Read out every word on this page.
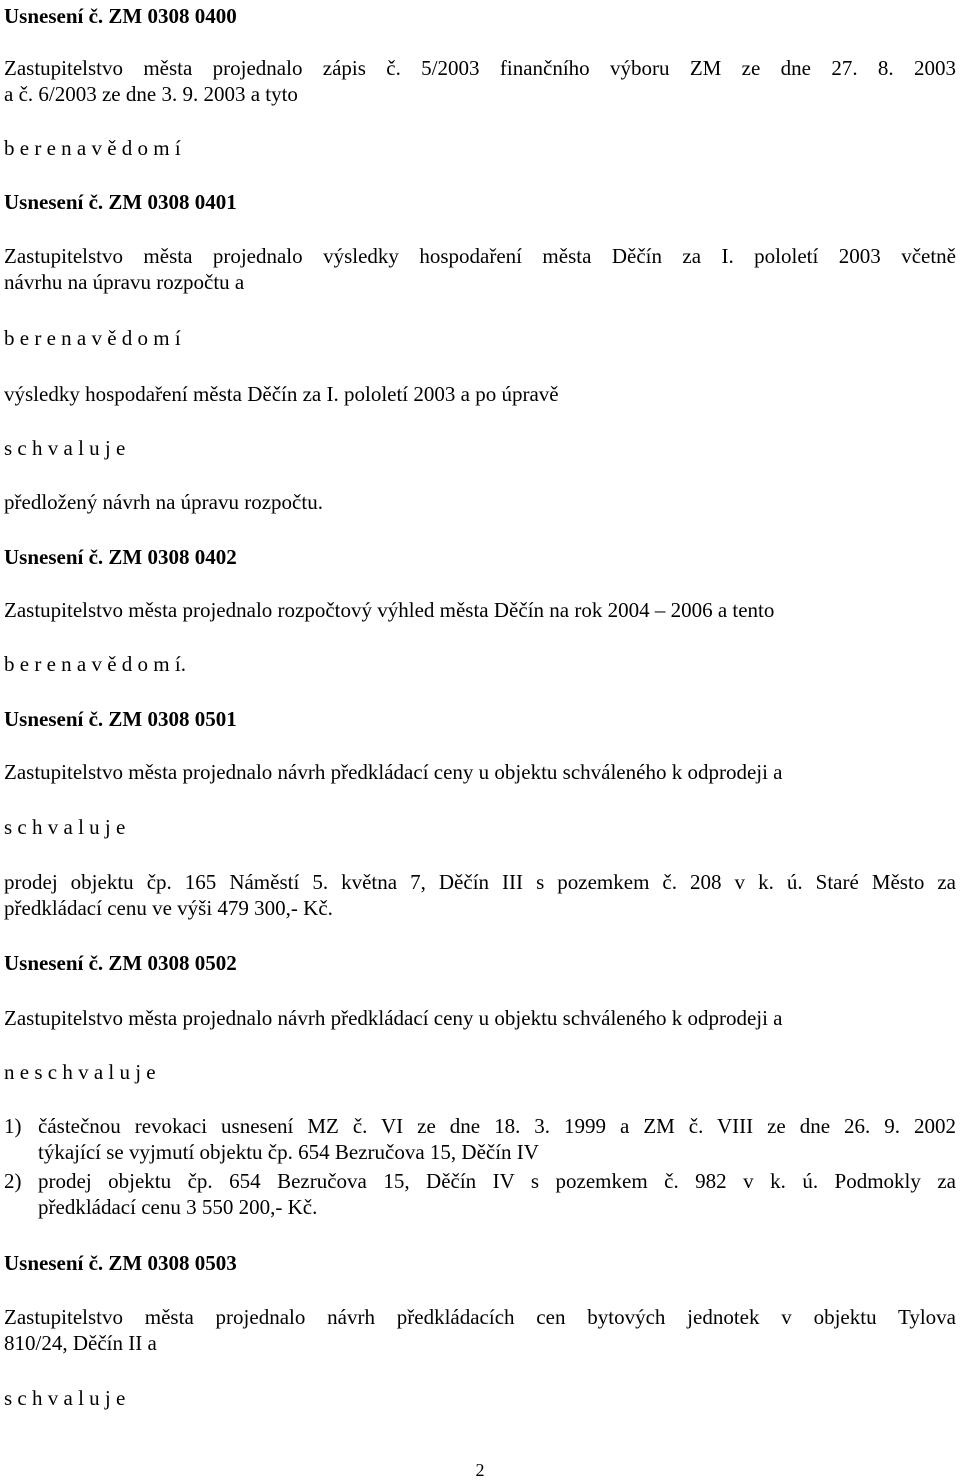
Usnesení č. ZM 0308 0400
Zastupitelstvo města projednalo zápis č. 5/2003 finančního výboru ZM ze dne 27. 8. 2003
a č. 6/2003 ze dne 3. 9. 2003 a tyto
b e r e n a v ě d o m í
Usnesení č. ZM 0308 0401
Zastupitelstvo města projednalo výsledky hospodaření města Děčín za I. pololetí 2003 včetně
návrhu na úpravu rozpočtu a
b e r e n a v ě d o m í
výsledky hospodaření města Děčín za I. pololetí 2003 a po úpravě
s c h v a l u j e
předložený návrh na úpravu rozpočtu.
Usnesení č. ZM 0308 0402
Zastupitelstvo města projednalo rozpočtový výhled města Děčín na rok 2004 – 2006 a tento
b e r e n a v ě d o m í.
Usnesení č. ZM 0308 0501
Zastupitelstvo města projednalo návrh předkládací ceny u objektu schváleného k odprodeji a
s c h v a l u j e
prodej objektu čp. 165 Náměstí 5. května 7, Děčín III s pozemkem č. 208 v k. ú. Staré Město za
předkládací cenu ve výši 479 300,- Kč.
Usnesení č. ZM 0308 0502
Zastupitelstvo města projednalo návrh předkládací ceny u objektu schváleného k odprodeji a
n e s c h v a l u j e
1) částečnou revokaci usnesení MZ č. VI ze dne 18. 3. 1999 a ZM č. VIII ze dne 26. 9. 2002
týkající se vyjmutí objektu čp. 654 Bezručova 15, Děčín IV
2) prodej objektu čp. 654 Bezručova 15, Děčín IV s pozemkem č. 982 v k. ú. Podmokly za
předkládací cenu 3 550 200,- Kč.
Usnesení č. ZM 0308 0503
Zastupitelstvo města projednalo návrh předkládacích cen bytových jednotek v objektu Tylova
810/24, Děčín II a
s c h v a l u j e
2
